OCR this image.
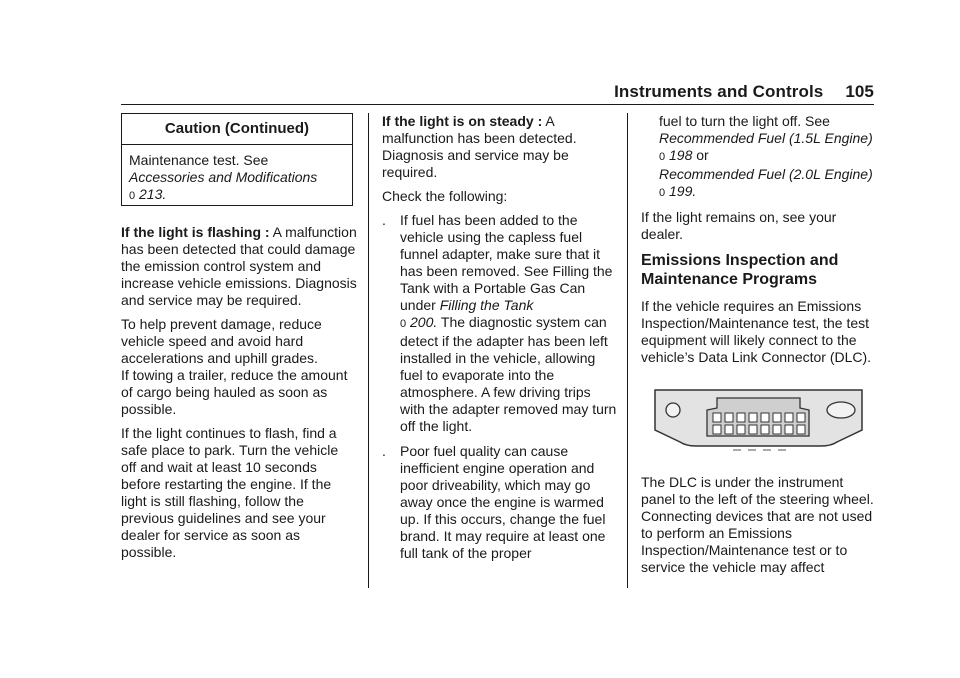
Instruments and Controls 105
Caution (Continued)
Maintenance test. See
Accessories and Modifications
0 213.

If the light is flashing : A malfunction has been detected that could damage the emission control system and increase vehicle emissions. Diagnosis and service may be required.

To help prevent damage, reduce vehicle speed and avoid hard accelerations and uphill grades.
If towing a trailer, reduce the amount of cargo being hauled as soon as possible.

If the light continues to flash, find a safe place to park. Turn the vehicle off and wait at least 10 seconds before restarting the engine. If the light is still flashing, follow the previous guidelines and see your dealer for service as soon as possible.

If the light is on steady : A malfunction has been detected. Diagnosis and service may be required.

Check the following:

. If fuel has been added to the vehicle using the capless fuel funnel adapter, make sure that it has been removed. See Filling the Tank with a Portable Gas Can under Filling the Tank
0 200. The diagnostic system can detect if the adapter has been left installed in the vehicle, allowing fuel to evaporate into the atmosphere. A few driving trips with the adapter removed may turn off the light.
. Poor fuel quality can cause inefficient engine operation and poor driveability, which may go away once the engine is warmed up. If this occurs, change the fuel brand. It may require at least one full tank of the proper

fuel to turn the light off. See
Recommended Fuel (1.5L Engine) 0 198 or
Recommended Fuel (2.0L Engine) 0 199.

If the light remains on, see your dealer.

Emissions Inspection and Maintenance Programs

If the vehicle requires an Emissions Inspection/Maintenance test, the test equipment will likely connect to the vehicle’s Data Link Connector (DLC).

The DLC is under the instrument panel to the left of the steering wheel. Connecting devices that are not used to perform an Emissions Inspection/Maintenance test or to service the vehicle may affect
